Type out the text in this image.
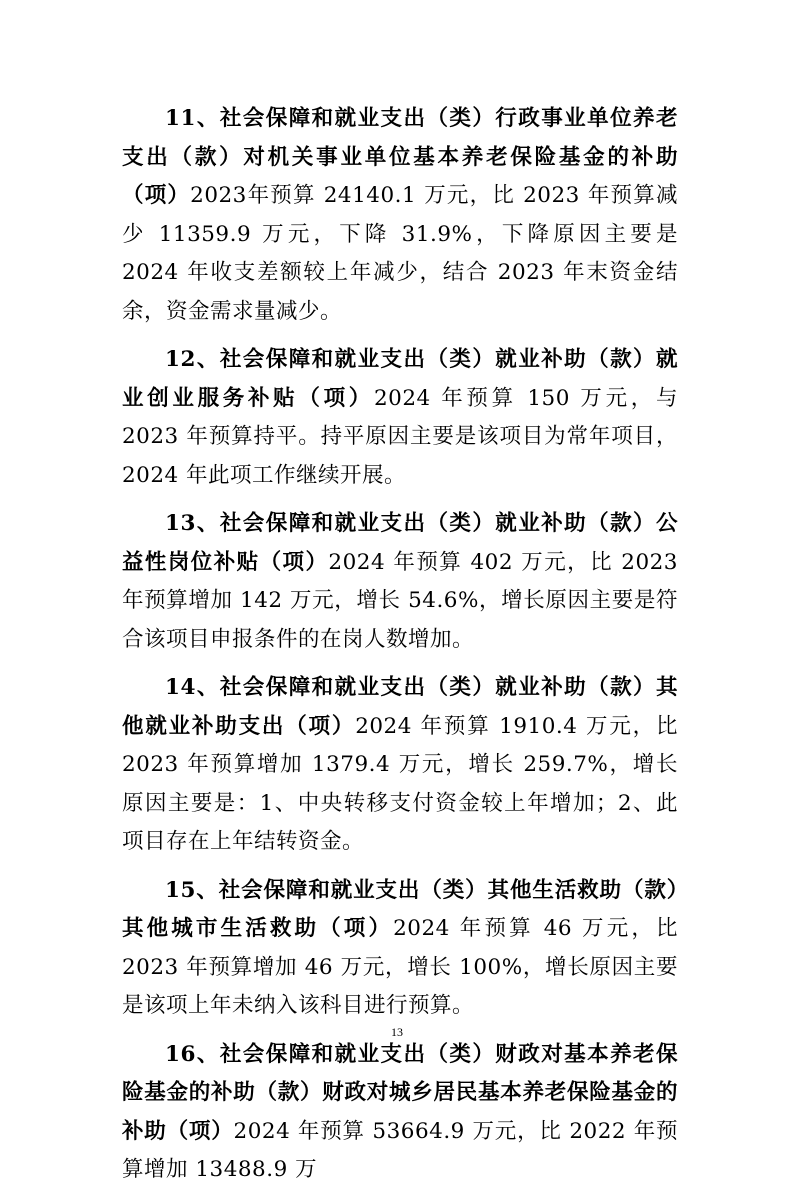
11、社会保障和就业支出（类）行政事业单位养老支出（款）对机关事业单位基本养老保险基金的补助（项）2023年预算 24140.1 万元，比 2023 年预算减少 11359.9 万元，下降 31.9%，下降原因主要是 2024 年收支差额较上年减少，结合 2023 年末资金结余，资金需求量减少。

12、社会保障和就业支出（类）就业补助（款）就业创业服务补贴（项）2024 年预算 150 万元，与 2023 年预算持平。持平原因主要是该项目为常年项目，2024 年此项工作继续开展。

13、社会保障和就业支出（类）就业补助（款）公益性岗位补贴（项）2024 年预算 402 万元，比 2023 年预算增加 142 万元，增长 54.6%，增长原因主要是符合该项目申报条件的在岗人数增加。

14、社会保障和就业支出（类）就业补助（款）其他就业补助支出（项）2024 年预算 1910.4 万元，比 2023 年预算增加 1379.4 万元，增长 259.7%，增长原因主要是：1、中央转移支付资金较上年增加；2、此项目存在上年结转资金。

15、社会保障和就业支出（类）其他生活救助（款）其他城市生活救助（项）2024 年预算 46 万元，比 2023 年预算增加 46 万元，增长 100%，增长原因主要是该项上年未纳入该科目进行预算。

16、社会保障和就业支出（类）财政对基本养老保险基金的补助（款）财政对城乡居民基本养老保险基金的补助（项）2024 年预算 53664.9 万元，比 2022 年预算增加 13488.9 万

13
